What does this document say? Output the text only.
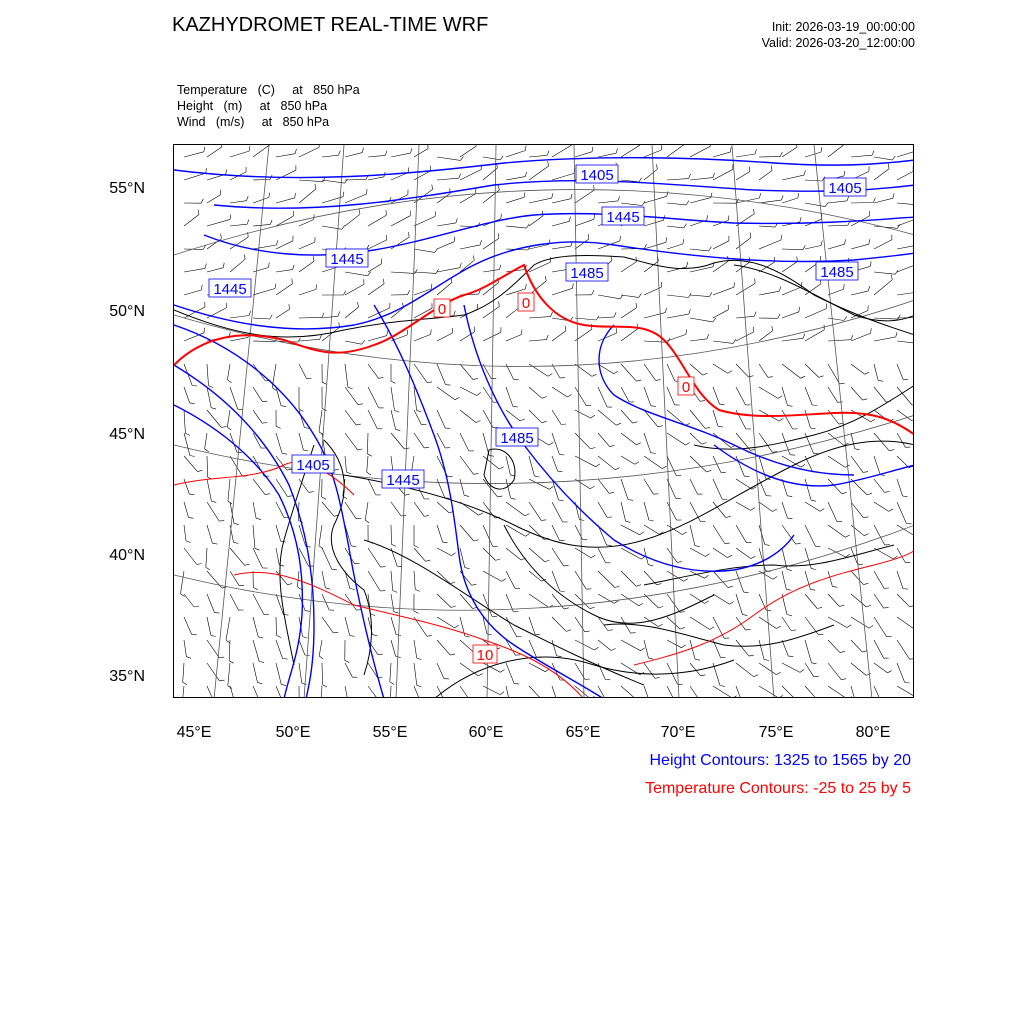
KAZHYDROMET REAL-TIME WRF	Init: 2026-03-19_00:00:00
Valid: 2026-03-20_12:00:00
Temperature   (C)     at   850 hPa
Height   (m)     at   850 hPa
Wind   (m/s)     at   850 hPa
1405
1405
1445
1445
1445
1485	1485
1485
1405
1445
0	0
0
10
55°N
50°N
45°N
40°N
35°N
45°E	50°E	55°E	60°E	65°E	70°E	75°E	80°E
Height Contours: 1325 to 1565 by 20
Temperature Contours: -25 to 25 by 5
